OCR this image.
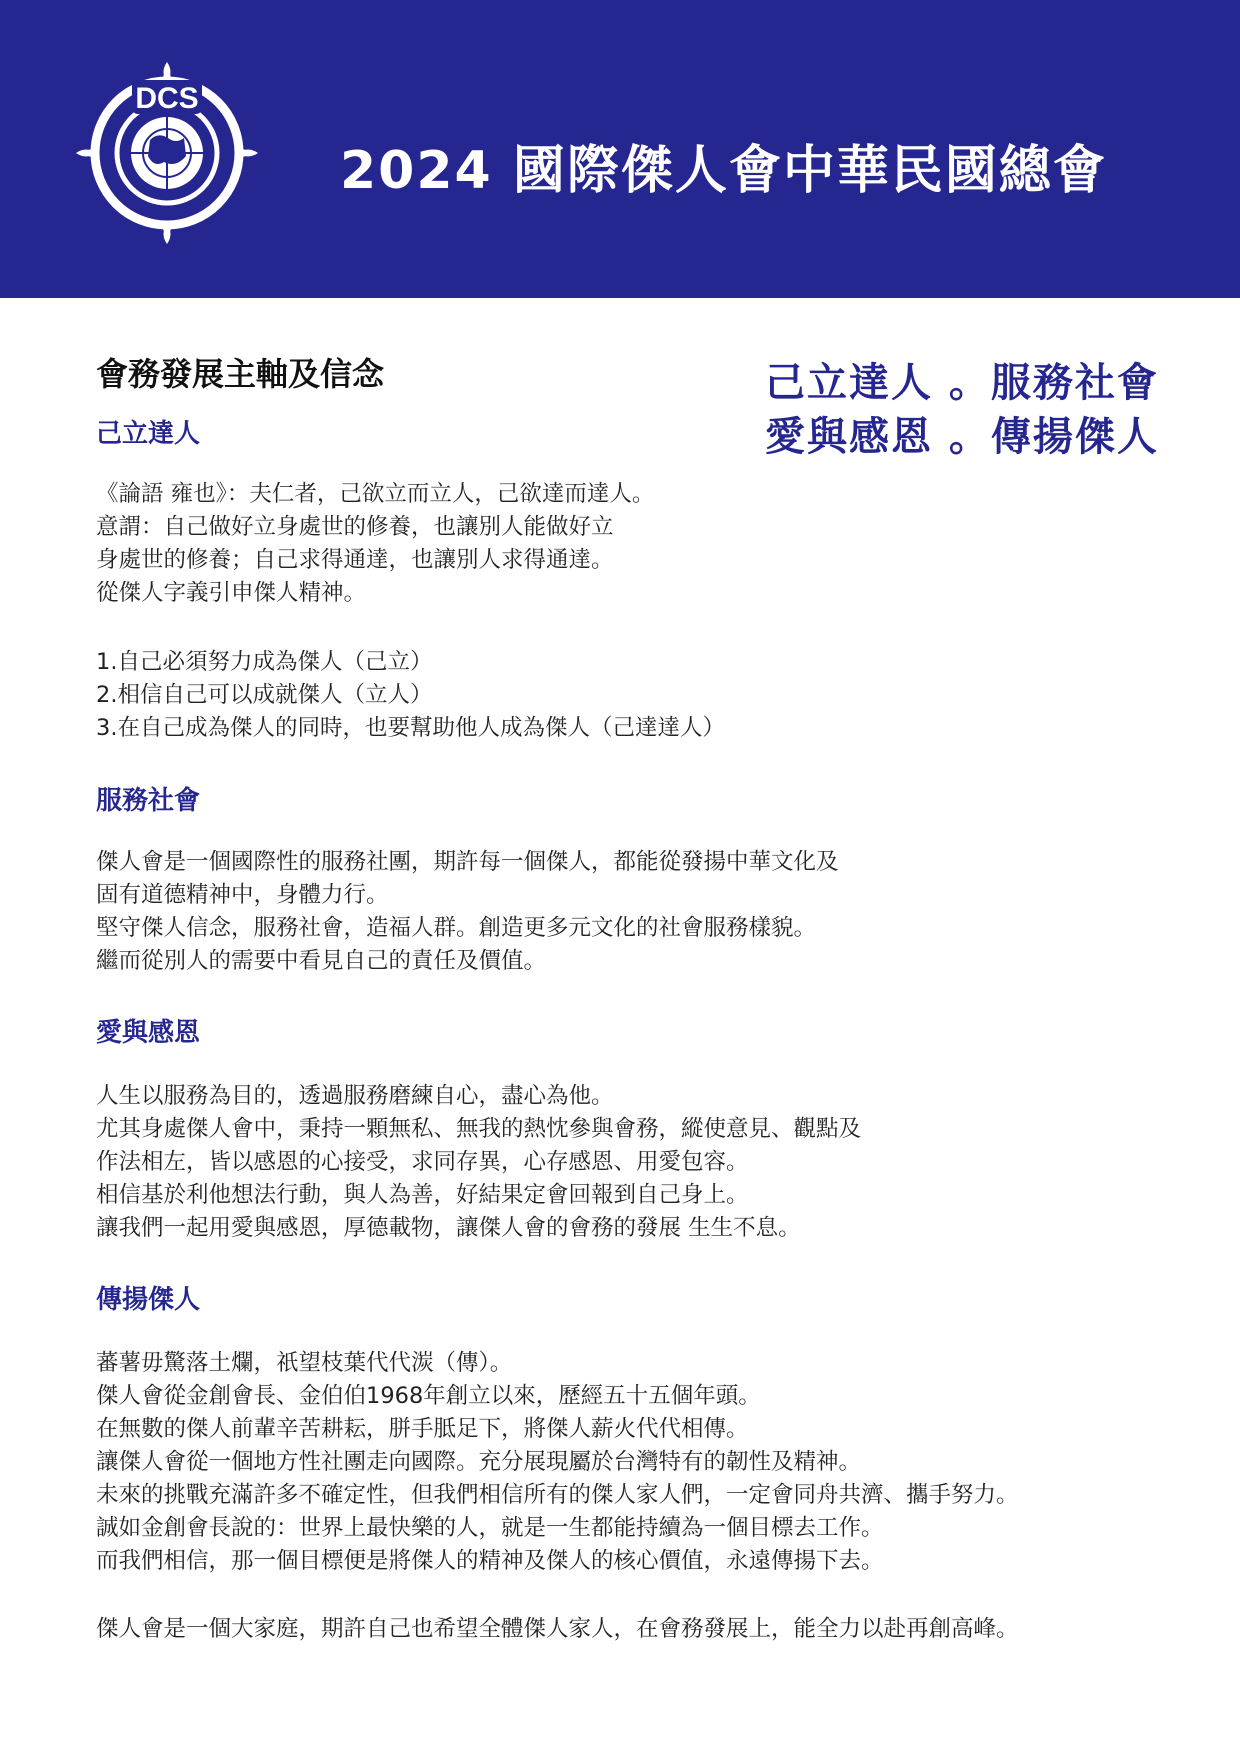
DCS
2024 國際傑人會中華民國總會
會務發展主軸及信念	己立達人 。服務社會
愛與感恩 。傳揚傑人
己立達人
《論語 雍也》：夫仁者，己欲立而立人，己欲達而達人。
意謂：自己做好立身處世的修養，也讓別人能做好立
身處世的修養；自己求得通達，也讓別人求得通達。
從傑人字義引申傑人精神。
1.自己必須努力成為傑人（己立）
2.相信自己可以成就傑人（立人）
3.在自己成為傑人的同時，也要幫助他人成為傑人（己達達人）
服務社會
傑人會是一個國際性的服務社團，期許每一個傑人，都能從發揚中華文化及
固有道德精神中，身體力行。
堅守傑人信念，服務社會，造福人群。創造更多元文化的社會服務樣貌。
繼而從別人的需要中看見自己的責任及價值。
愛與感恩
人生以服務為目的，透過服務磨練自心，盡心為他。
尤其身處傑人會中，秉持一顆無私、無我的熱忱參與會務，縱使意見、觀點及
作法相左，皆以感恩的心接受，求同存異，心存感恩、用愛包容。
相信基於利他想法行動，與人為善，好結果定會回報到自己身上。
讓我們一起用愛與感恩，厚德載物，讓傑人會的會務的發展 生生不息。
傳揚傑人
蕃薯毋驚落土爛，祇望枝葉代代湠（傳）。
傑人會從金創會長、金伯伯1968年創立以來，歷經五十五個年頭。
在無數的傑人前輩辛苦耕耘，胼手胝足下，將傑人薪火代代相傳。
讓傑人會從一個地方性社團走向國際。充分展現屬於台灣特有的韌性及精神。
未來的挑戰充滿許多不確定性，但我們相信所有的傑人家人們，一定會同舟共濟、攜手努力。
誠如金創會長說的：世界上最快樂的人，就是一生都能持續為一個目標去工作。
而我們相信，那一個目標便是將傑人的精神及傑人的核心價值，永遠傳揚下去。
傑人會是一個大家庭，期許自己也希望全體傑人家人，在會務發展上，能全力以赴再創高峰。
